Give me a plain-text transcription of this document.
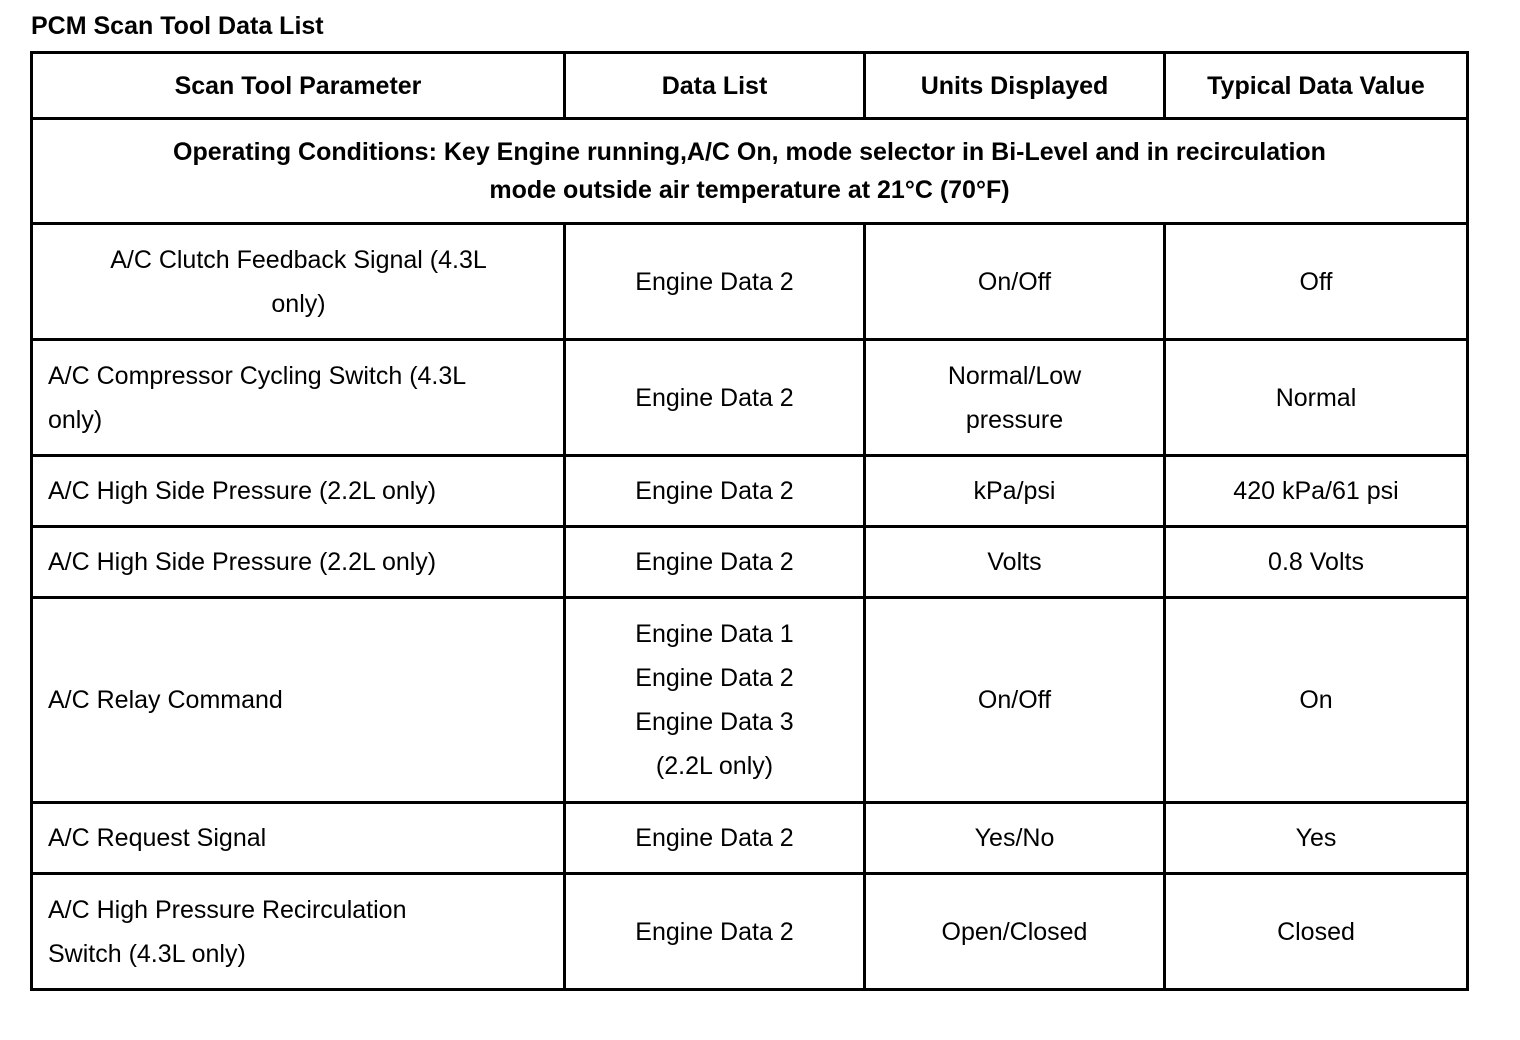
PCM Scan Tool Data List
Scan Tool Parameter	Data List	Units Displayed	Typical Data Value

Operating Conditions: Key Engine running,A/C On, mode selector in Bi-Level and in recirculation
mode outside air temperature at 21°C (70°F)			

A/C Clutch Feedback Signal (4.3L
only)	Engine Data 2	On/Off	Off

A/C Compressor Cycling Switch (4.3L
only)	Engine Data 2	Normal/Low
pressure	Normal

A/C High Side Pressure (2.2L only)	Engine Data 2	kPa/psi	420 kPa/61 psi

A/C High Side Pressure (2.2L only)	Engine Data 2	Volts	0.8 Volts

A/C Relay Command	Engine Data 1
Engine Data 2
Engine Data 3
(2.2L only)	On/Off	On

A/C Request Signal	Engine Data 2	Yes/No	Yes

A/C High Pressure Recirculation
Switch (4.3L only)	Engine Data 2	Open/Closed	Closed
